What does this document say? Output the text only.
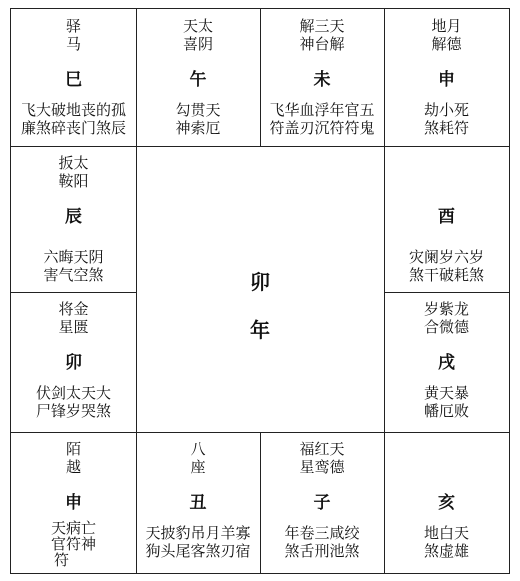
驿
马
巳
飞大破地丧的孤
廉煞碎丧门煞辰
天太
喜阴
午
勾贯天
神索厄
解三天
神台解
未
飞华血浮年官五
符盖刃沉符符鬼
地月
解德
申
劫小死
煞耗符
扳太
鞍阳
辰
六晦天阴
害气空煞
酉
灾阑岁六岁
煞干破耗煞
将金
星匮
卯
伏剑太天大
尸锋岁哭煞
岁紫龙
合微德
戌
黄天暴
幡厄败
卯
年
陌
越
申
天病亡
官符神
符
八
座
丑
天披豹吊月羊寡
狗头尾客煞刃宿
福红天
星鸾德
子
年卷三咸绞
煞舌刑池煞
亥
地白天
煞虚雄
